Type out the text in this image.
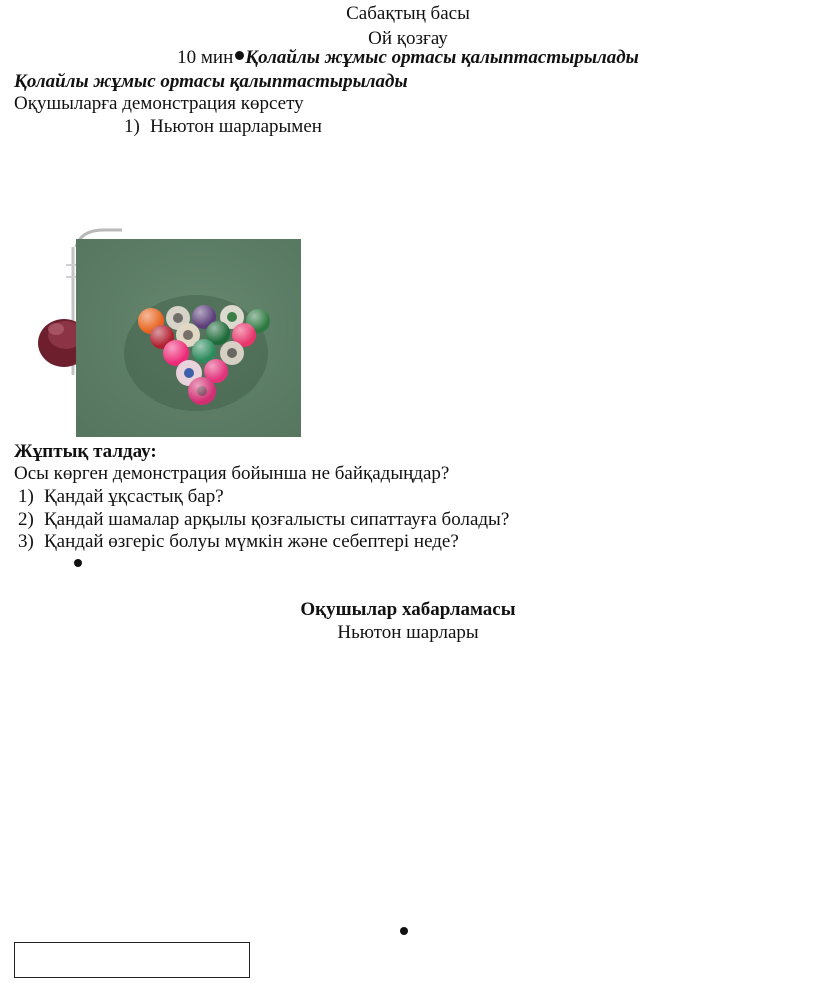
Сабақтың басы
Ой қозғау
10 мин Қолайлы жұмыс ортасы қалыптастырылады
Қолайлы жұмыс ортасы қалыптастырылады
Оқушыларға демонстрация көрсету
1) Ньютон шарларымен
Жұптық талдау:
Осы көрген демонстрация бойынша не байқадыңдар?
1) Қандай ұқсастық бар?
2) Қандай шамалар арқылы қозғалысты сипаттауға болады?
3) Қандай өзгеріс болуы мүмкін және себептері неде?
Оқушылар хабарламасы
Ньютон шарлары
